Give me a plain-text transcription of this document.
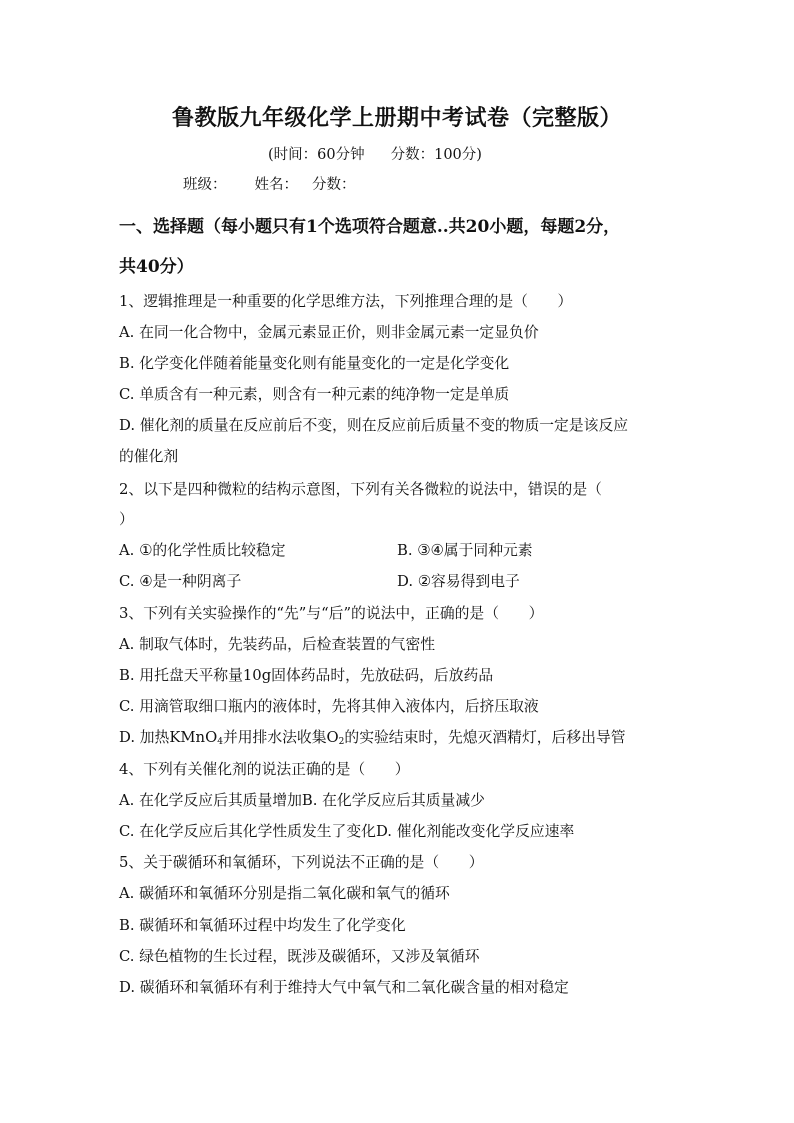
鲁教版九年级化学上册期中考试卷（完整版）
(时间：60分钟 分数：100分)
班级： 姓名： 分数：
一、选择题（每小题只有1个选项符合题意..共20小题，每题2分，
共40分）
1、逻辑推理是一种重要的化学思维方法，下列推理合理的是（　　）
A. 在同一化合物中，金属元素显正价，则非金属元素一定显负价
B. 化学变化伴随着能量变化则有能量变化的一定是化学变化
C. 单质含有一种元素，则含有一种元素的纯净物一定是单质
D. 催化剂的质量在反应前后不变，则在反应前后质量不变的物质一定是该反应
的催化剂
2、以下是四种微粒的结构示意图，下列有关各微粒的说法中，错误的是（
）
A. ①的化学性质比较稳定	B. ③④属于同种元素
C. ④是一种阴离子	D. ②容易得到电子
3、下列有关实验操作的“先”与“后”的说法中，正确的是（　　）
A. 制取气体时，先装药品，后检查装置的气密性
B. 用托盘天平称量10g固体药品时，先放砝码，后放药品
C. 用滴管取细口瓶内的液体时，先将其伸入液体内，后挤压取液
D. 加热KMnO$_4$并用排水法收集$O_2$的实验结束时，先熄灭酒精灯，后移出导管
4、下列有关催化剂的说法正确的是（　　）
A. 在化学反应后其质量增加B. 在化学反应后其质量减少
C. 在化学反应后其化学性质发生了变化D. 催化剂能改变化学反应速率
5、关于碳循环和氧循环，下列说法不正确的是（　　）
A. 碳循环和氧循环分别是指二氧化碳和氧气的循环
B. 碳循环和氧循环过程中均发生了化学变化
C. 绿色植物的生长过程，既涉及碳循环，又涉及氧循环
D. 碳循环和氧循环有利于维持大气中氧气和二氧化碳含量的相对稳定
